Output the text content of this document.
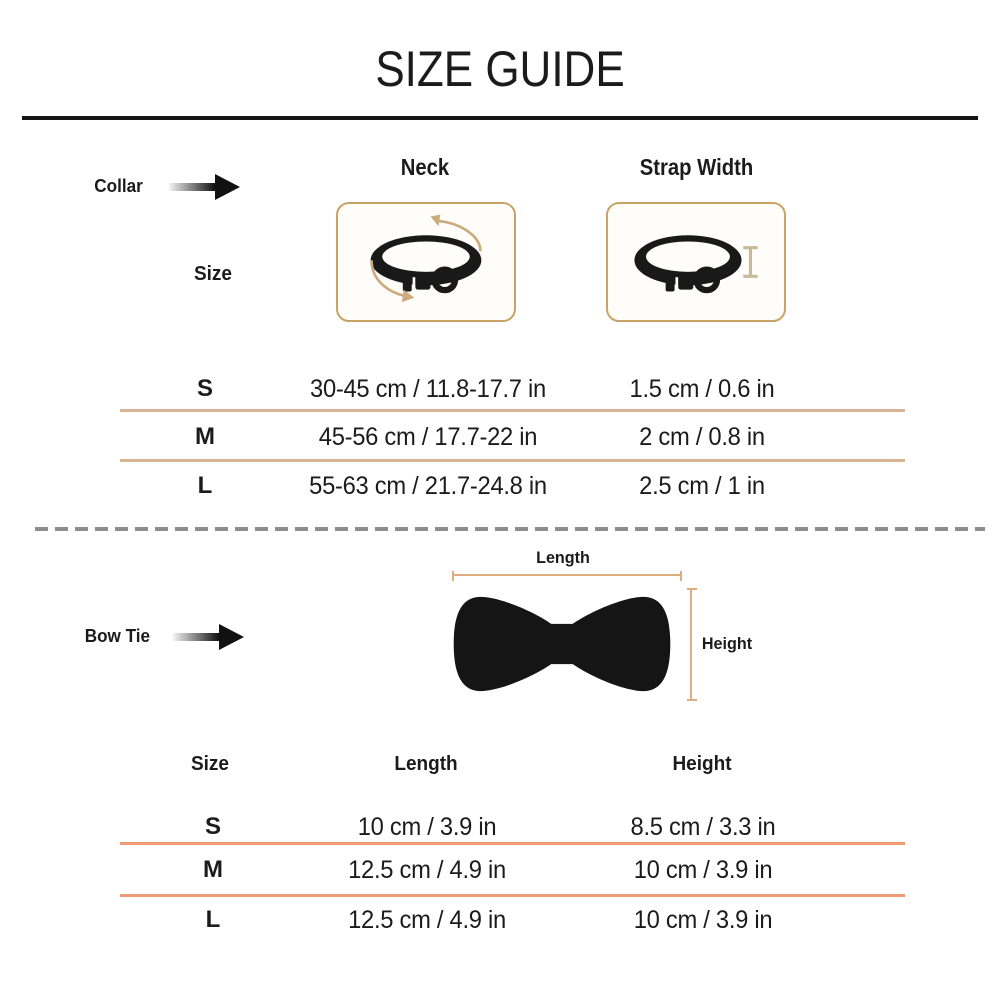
SIZE GUIDE
Collar
Neck	Strap Width
Size
S	30-45 cm / 11.8-17.7 in	1.5 cm / 0.6 in
M	45-56 cm / 17.7-22 in	2 cm / 0.8 in
L	55-63 cm / 21.7-24.8 in	2.5 cm / 1 in
Bow Tie
Length
Height
Size	Length	Height
S	10 cm / 3.9 in	8.5 cm / 3.3 in
M	12.5 cm / 4.9 in	10 cm / 3.9 in
L	12.5 cm / 4.9 in	10 cm / 3.9 in
